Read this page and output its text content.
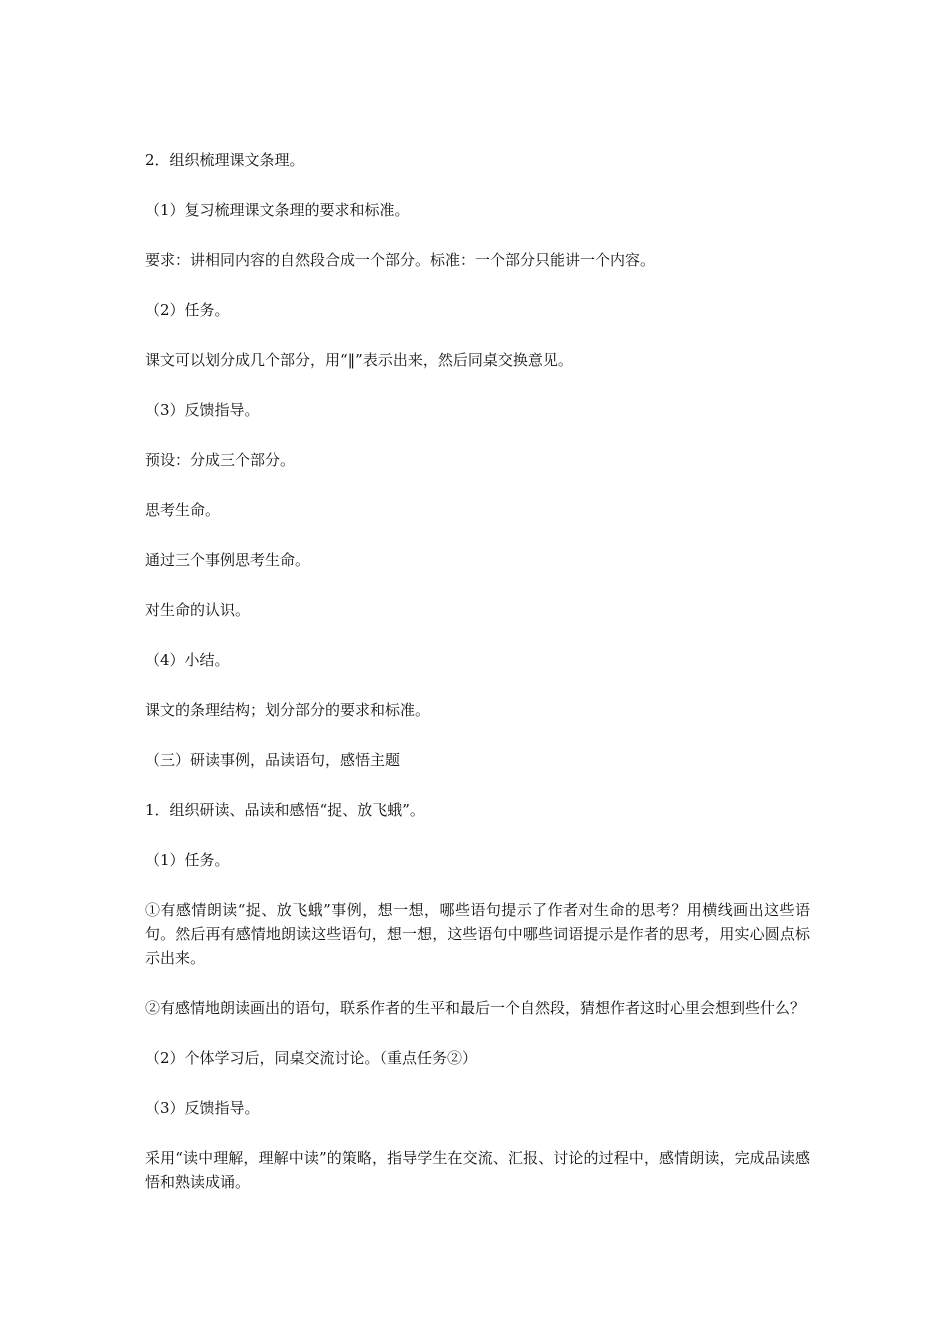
2．组织梳理课文条理。

（1）复习梳理课文条理的要求和标准。

要求：讲相同内容的自然段合成一个部分。标准：一个部分只能讲一个内容。

（2）任务。

课文可以划分成几个部分，用“‖”表示出来，然后同桌交换意见。

（3）反馈指导。

预设：分成三个部分。

思考生命。

通过三个事例思考生命。

对生命的认识。

（4）小结。

课文的条理结构；划分部分的要求和标准。

（三）研读事例，品读语句，感悟主题

1．组织研读、品读和感悟“捉、放飞蛾”。

（1）任务。

①有感情朗读“捉、放飞蛾”事例，想一想，哪些语句提示了作者对生命的思考？用横线画出这些语句。然后再有感情地朗读这些语句，想一想，这些语句中哪些词语提示是作者的思考，用实心圆点标示出来。

②有感情地朗读画出的语句，联系作者的生平和最后一个自然段，猜想作者这时心里会想到些什么？

（2）个体学习后，同桌交流讨论。（重点任务②）

（3）反馈指导。

采用“读中理解，理解中读”的策略，指导学生在交流、汇报、讨论的过程中，感情朗读，完成品读感悟和熟读成诵。
